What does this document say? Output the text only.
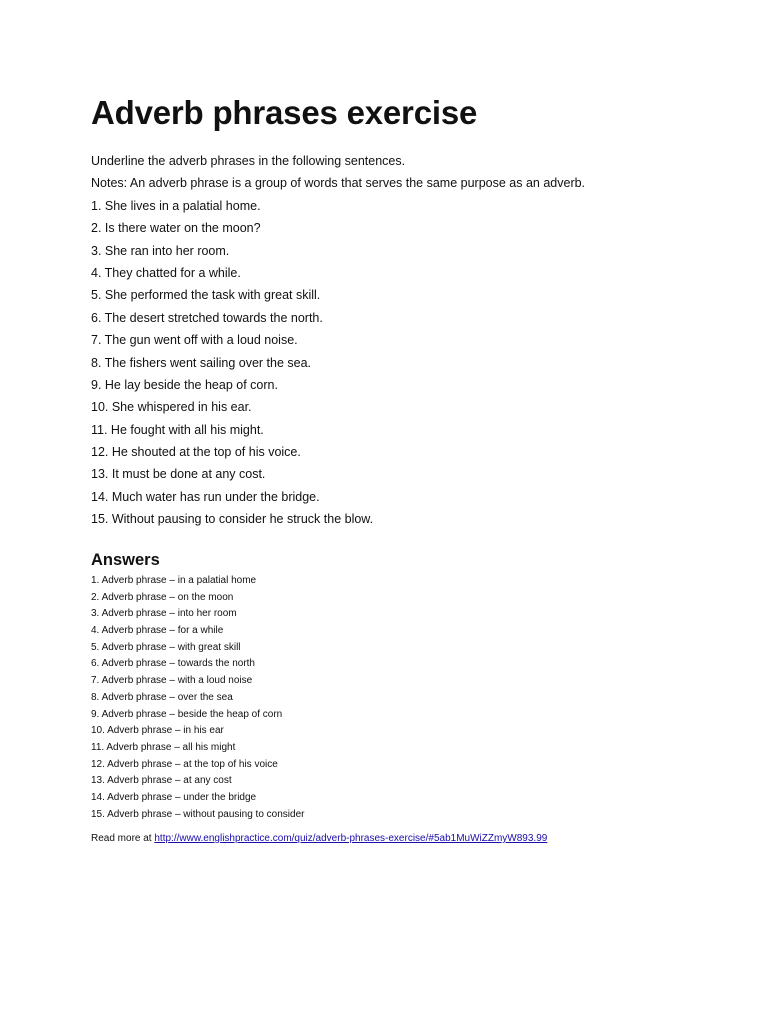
Adverb phrases exercise

Underline the adverb phrases in the following sentences.

Notes: An adverb phrase is a group of words that serves the same purpose as an adverb.

1. She lives in a palatial home.

2. Is there water on the moon?

3. She ran into her room.

4. They chatted for a while.

5. She performed the task with great skill.

6. The desert stretched towards the north.

7. The gun went off with a loud noise.

8. The fishers went sailing over the sea.

9. He lay beside the heap of corn.

10. She whispered in his ear.

11. He fought with all his might.

12. He shouted at the top of his voice.

13. It must be done at any cost.

14. Much water has run under the bridge.

15. Without pausing to consider he struck the blow.

Answers
1. Adverb phrase – in a palatial home
2. Adverb phrase – on the moon
3. Adverb phrase – into her room
4. Adverb phrase – for a while
5. Adverb phrase – with great skill
6. Adverb phrase – towards the north
7. Adverb phrase – with a loud noise
8. Adverb phrase – over the sea
9. Adverb phrase – beside the heap of corn
10. Adverb phrase – in his ear
11. Adverb phrase – all his might
12. Adverb phrase – at the top of his voice
13. Adverb phrase – at any cost
14. Adverb phrase – under the bridge
15. Adverb phrase – without pausing to consider
Read more at http://www.englishpractice.com/quiz/adverb-phrases-exercise/#5ab1MuWiZZmyW893.99
